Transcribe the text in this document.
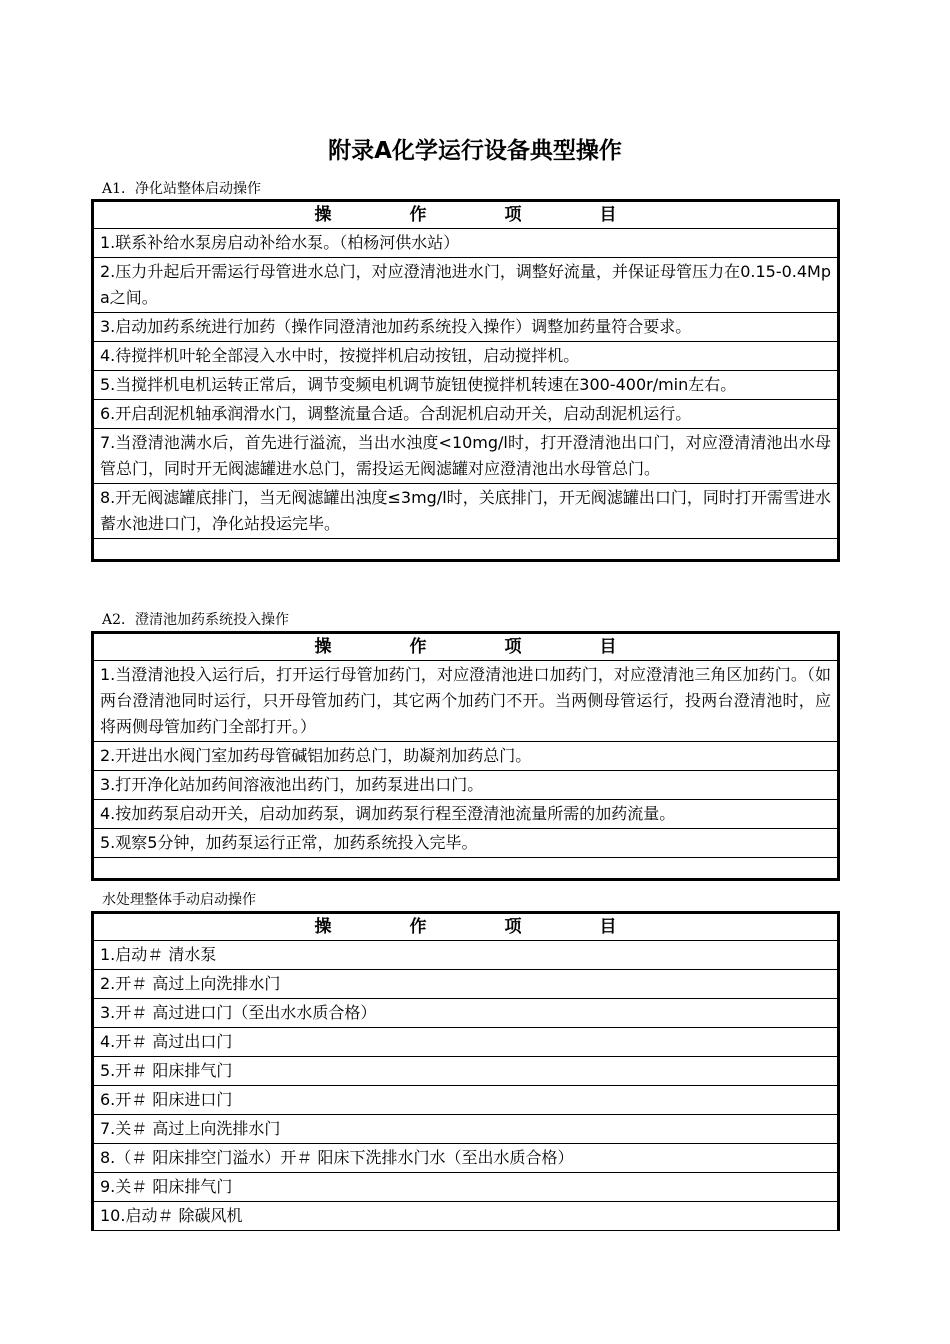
附录A化学运行设备典型操作
A1．净化站整体启动操作
操	作	项	目
1.联系补给水泵房启动补给水泵。（柏杨河供水站）
2.压力升起后开需运行母管进水总门，对应澄清池进水门，调整好流量，并保证母管压力在0.15-0.4Mpa之间。
3.启动加药系统进行加药（操作同澄清池加药系统投入操作）调整加药量符合要求。
4.待搅拌机叶轮全部浸入水中时，按搅拌机启动按钮，启动搅拌机。
5.当搅拌机电机运转正常后，调节变频电机调节旋钮使搅拌机转速在300-400r/min左右。
6.开启刮泥机轴承润滑水门，调整流量合适。合刮泥机启动开关，启动刮泥机运行。
7.当澄清池满水后，首先进行溢流，当出水浊度<10mg/l时，打开澄清池出口门，对应澄清清池出水母管总门，同时开无阀滤罐进水总门，需投运无阀滤罐对应澄清池出水母管总门。
8.开无阀滤罐底排门，当无阀滤罐出浊度≤3mg/l时，关底排门，开无阀滤罐出口门，同时打开需雪进水蓄水池进口门，净化站投运完毕。

A2．澄清池加药系统投入操作
操	作	项	目
1.当澄清池投入运行后，打开运行母管加药门，对应澄清池进口加药门，对应澄清池三角区加药门。（如两台澄清池同时运行，只开母管加药门，其它两个加药门不开。当两侧母管运行，投两台澄清池时，应将两侧母管加药门全部打开。）
2.开进出水阀门室加药母管碱铝加药总门，助凝剂加药总门。
3.打开净化站加药间溶液池出药门，加药泵进出口门。
4.按加药泵启动开关，启动加药泵，调加药泵行程至澄清池流量所需的加药流量。
5.观察5分钟，加药泵运行正常，加药系统投入完毕。

水处理整体手动启动操作
操	作	项	目
1.启动＃ 清水泵
2.开＃ 高过上向洗排水门
3.开＃ 高过进口门（至出水水质合格）
4.开＃ 高过出口门
5.开＃ 阳床排气门
6.开＃ 阳床进口门
7.关＃ 高过上向洗排水门
8.（＃ 阳床排空门溢水）开＃ 阳床下洗排水门水（至出水质合格）
9.关＃ 阳床排气门
10.启动＃ 除碳风机
